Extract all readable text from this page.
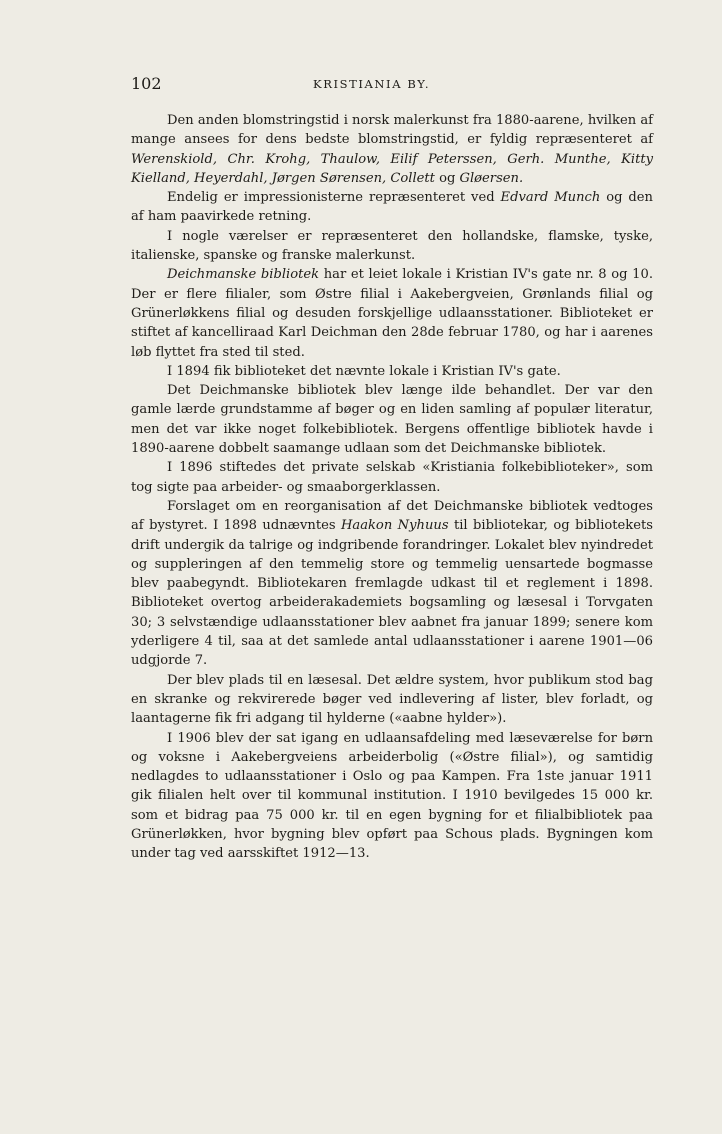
102	KRISTIANIA BY.

Den anden blomstringstid i norsk malerkunst fra 1880-aarene, hvilken af mange ansees for dens bedste blomstringstid, er fyldig repræsenteret af Werenskiold, Chr. Krohg, Thaulow, Eilif Peterssen, Gerh. Munthe, Kitty Kielland, Heyerdahl, Jørgen Sørensen, Collett og Gløersen.

Endelig er impressionisterne repræsenteret ved Edvard Munch og den af ham paavirkede retning.

I nogle værelser er repræsenteret den hollandske, flamske, tyske, italienske, spanske og franske malerkunst.

Deichmanske bibliotek har et leiet lokale i Kristian IV's gate nr. 8 og 10. Der er flere filialer, som Østre filial i Aakebergveien, Grønlands filial og Grünerløkkens filial og desuden forskjellige udlaansstationer. Biblioteket er stiftet af kancelliraad Karl Deichman den 28de februar 1780, og har i aarenes løb flyttet fra sted til sted.

I 1894 fik biblioteket det nævnte lokale i Kristian IV's gate.

Det Deichmanske bibliotek blev længe ilde behandlet. Der var den gamle lærde grundstamme af bøger og en liden samling af populær literatur, men det var ikke noget folkebibliotek. Bergens offentlige bibliotek havde i 1890-aarene dobbelt saamange udlaan som det Deichmanske bibliotek.

I 1896 stiftedes det private selskab «Kristiania folkebiblioteker», som tog sigte paa arbeider- og smaaborgerklassen.

Forslaget om en reorganisation af det Deichmanske bibliotek vedtoges af bystyret. I 1898 udnævntes Haakon Nyhuus til bibliotekar, og bibliotekets drift undergik da talrige og indgribende forandringer. Lokalet blev nyindredet og suppleringen af den temmelig store og temmelig uensartede bogmasse blev paabegyndt. Bibliotekaren fremlagde udkast til et reglement i 1898. Biblioteket overtog arbeiderakademiets bogsamling og læsesal i Torvgaten 30; 3 selvstændige udlaansstationer blev aabnet fra januar 1899; senere kom yderligere 4 til, saa at det samlede antal udlaansstationer i aarene 1901—06 udgjorde 7.

Der blev plads til en læsesal. Det ældre system, hvor publikum stod bag en skranke og rekvirerede bøger ved indlevering af lister, blev forladt, og laantagerne fik fri adgang til hylderne («aabne hylder»).

I 1906 blev der sat igang en udlaansafdeling med læseværelse for børn og voksne i Aakebergveiens arbeiderbolig («Østre filial»), og samtidig nedlagdes to udlaansstationer i Oslo og paa Kampen. Fra 1ste januar 1911 gik filialen helt over til kommunal institution. I 1910 bevilgedes 15 000 kr. som et bidrag paa 75 000 kr. til en egen bygning for et filialbibliotek paa Grünerløkken, hvor bygning blev opført paa Schous plads. Bygningen kom under tag ved aarsskiftet 1912—13.
